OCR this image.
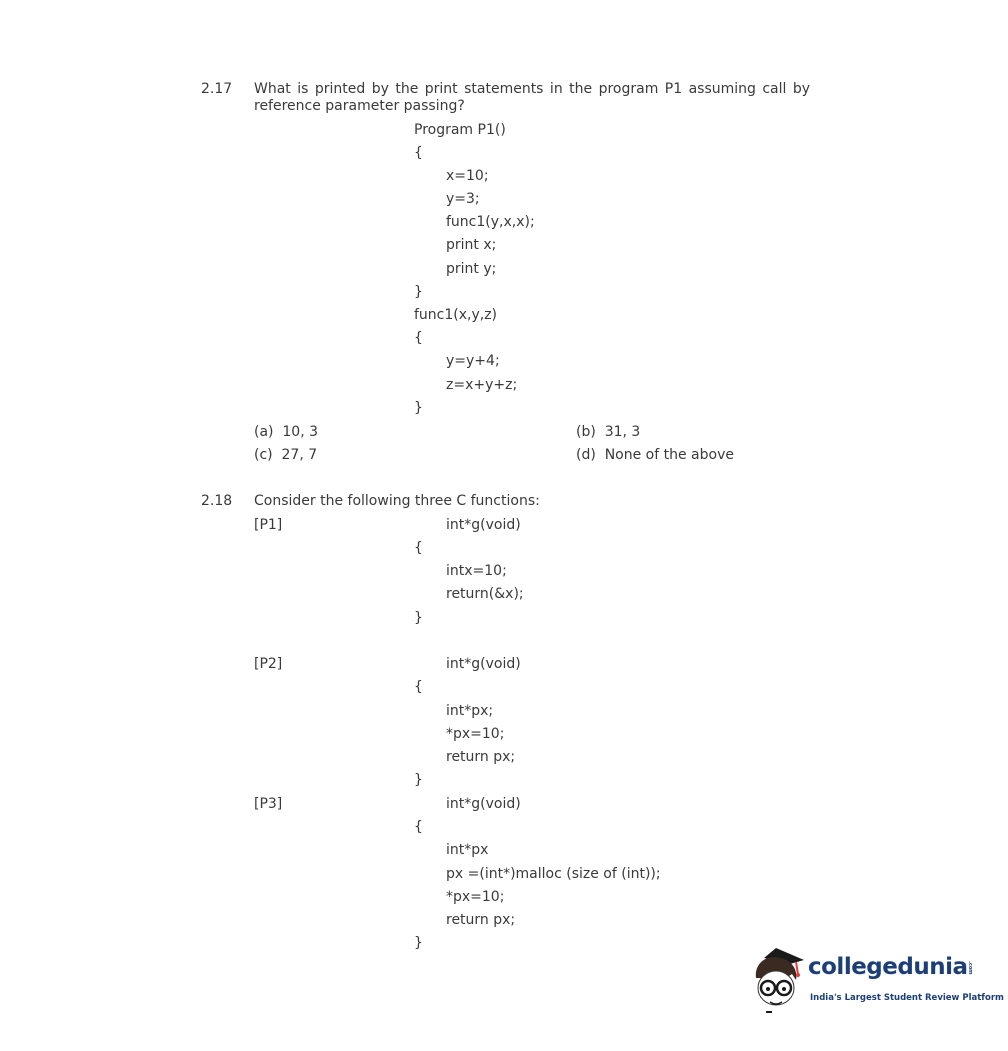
2.17 What is printed by the print statements in the program P1 assuming call by
reference parameter passing?
Program P1()
{
x=10;
y=3;
func1(y,x,x);
print x;
print y;
}
func1(x,y,z)
{
y=y+4;
z=x+y+z;
}
(a)  10, 3	(b)  31, 3
(c)  27, 7	(d)  None of the above
2.18 Consider the following three C functions:
[P1]	int*g(void)
{
intx=10;
return(&x);
}
[P2]	int*g(void)
{
int*px;
*px=10;
return px;
}
[P3]	int*g(void)
{
int*px
px =(int*)malloc (size of (int));
*px=10;
return px;
}
collegedunia .com
India's Largest Student Review Platform
